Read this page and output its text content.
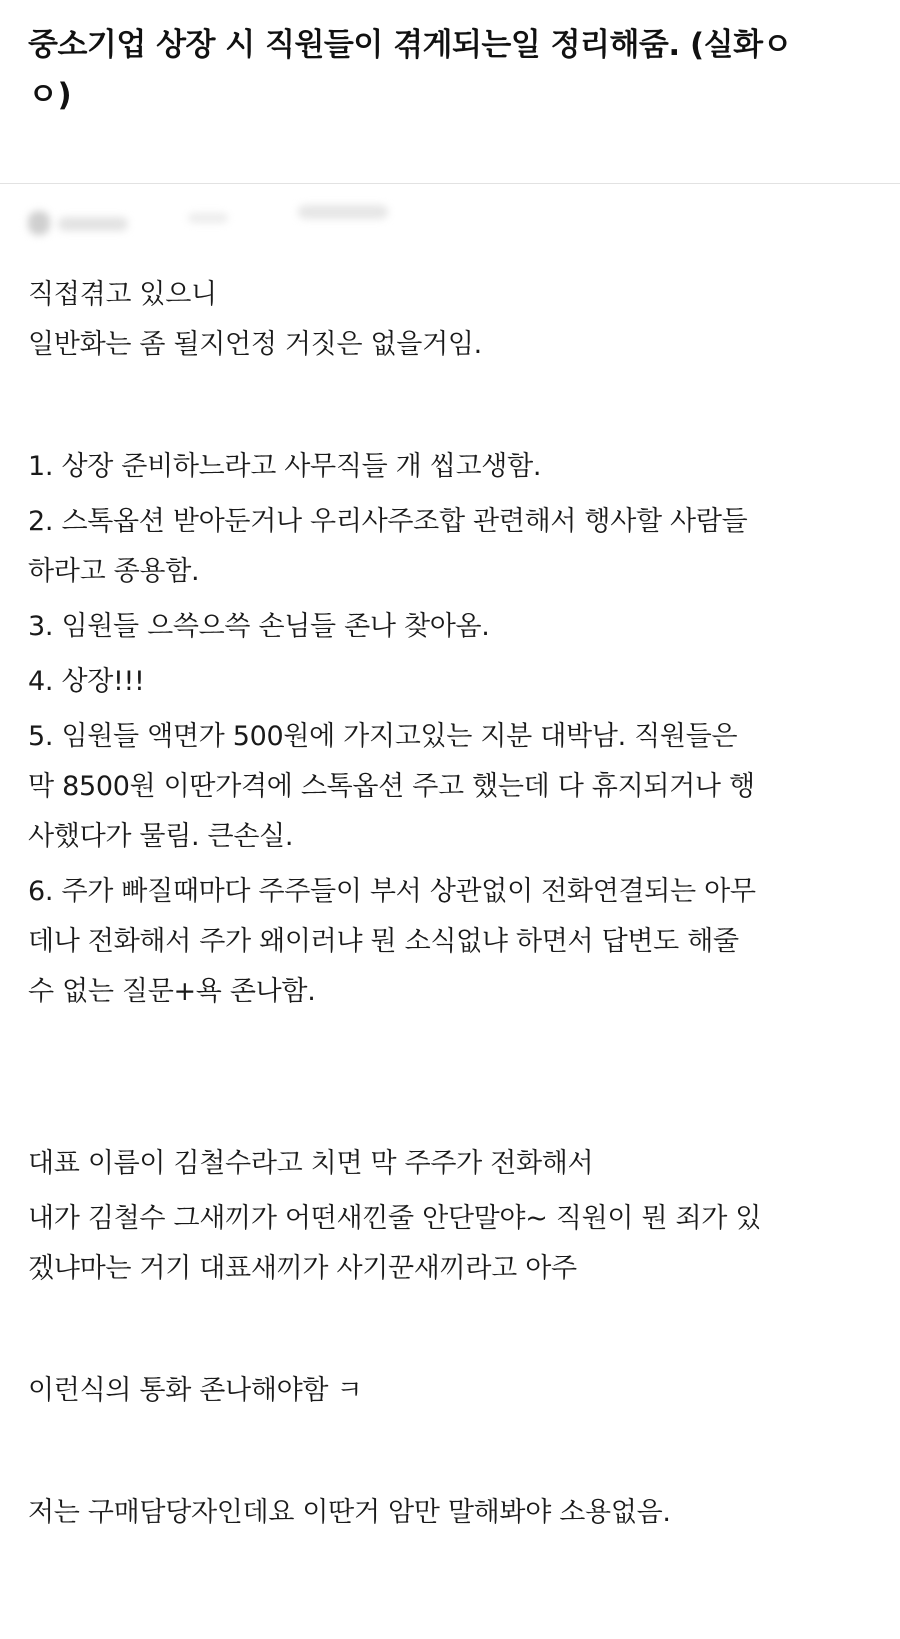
중소기업 상장 시 직원들이 겪게되는일 정리해줌. (실화ㅇ
ㅇ)

직접겪고 있으니

일반화는 좀 될지언정 거짓은 없을거임.

1. 상장 준비하느라고 사무직들 개 씹고생함.

2. 스톡옵션 받아둔거나 우리사주조합 관련해서 행사할 사람들

하라고 종용함.

3. 임원들 으쓱으쓱 손님들 존나 찾아옴.

4. 상장!!!

5. 임원들 액면가 500원에 가지고있는 지분 대박남. 직원들은

막 8500원 이딴가격에 스톡옵션 주고 했는데 다 휴지되거나 행

사했다가 물림. 큰손실.

6. 주가 빠질때마다 주주들이 부서 상관없이 전화연결되는 아무

데나 전화해서 주가 왜이러냐 뭔 소식없냐 하면서 답변도 해줄

수 없는 질문+욕 존나함.

대표 이름이 김철수라고 치면 막 주주가 전화해서

내가 김철수 그새끼가 어떤새낀줄 안단말야~ 직원이 뭔 죄가 있

겠냐마는 거기 대표새끼가 사기꾼새끼라고 아주

이런식의 통화 존나해야함 ㅋ

저는 구매담당자인데요 이딴거 암만 말해봐야 소용없음.
